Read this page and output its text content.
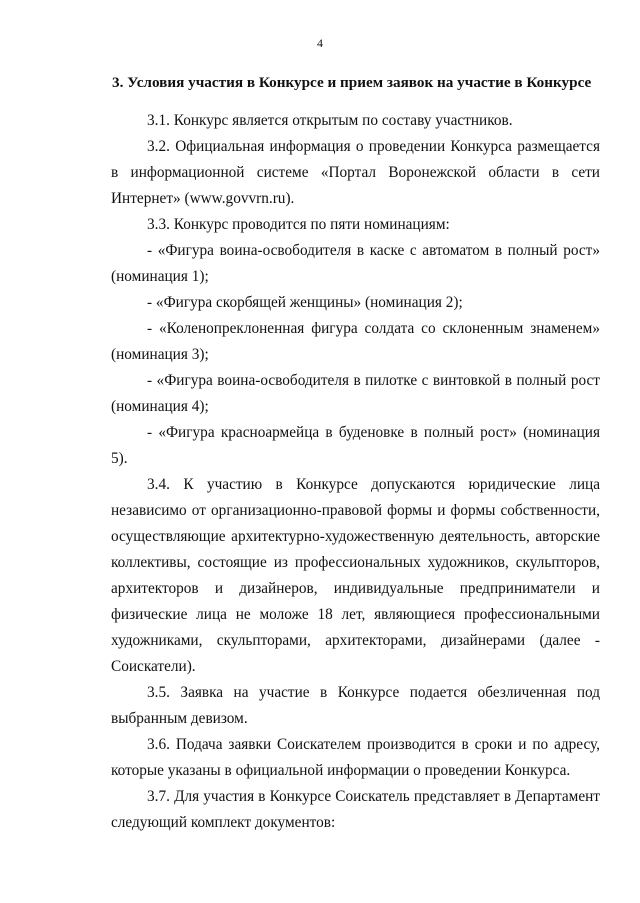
4
3. Условия участия в Конкурсе и прием заявок на участие в Конкурсе

3.1. Конкурс является открытым по составу участников.

3.2. Официальная информация о проведении Конкурса размещается в информационной системе «Портал Воронежской области в сети Интернет» (www.govvrn.ru).

3.3. Конкурс проводится по пяти номинациям:

- «Фигура воина-освободителя в каске с автоматом в полный рост» (номинация 1);

- «Фигура скорбящей женщины» (номинация 2);

- «Коленопреклоненная фигура солдата со склоненным знаменем» (номинация 3);

- «Фигура воина-освободителя в пилотке с винтовкой в полный рост (номинация 4);

- «Фигура красноармейца в буденовке в полный рост» (номинация 5).

3.4. К участию в Конкурсе допускаются юридические лица независимо от организационно-правовой формы и формы собственности, осуществляющие архитектурно-художественную деятельность, авторские коллективы, состоящие из профессиональных художников, скульпторов, архитекторов и дизайнеров, индивидуальные предприниматели и физические лица не моложе 18 лет, являющиеся профессиональными художниками, скульпторами, архитекторами, дизайнерами (далее - Соискатели).

3.5. Заявка на участие в Конкурсе подается обезличенная под выбранным девизом.

3.6. Подача заявки Соискателем производится в сроки и по адресу, которые указаны в официальной информации о проведении Конкурса.

3.7. Для участия в Конкурсе Соискатель представляет в Департамент следующий комплект документов:
